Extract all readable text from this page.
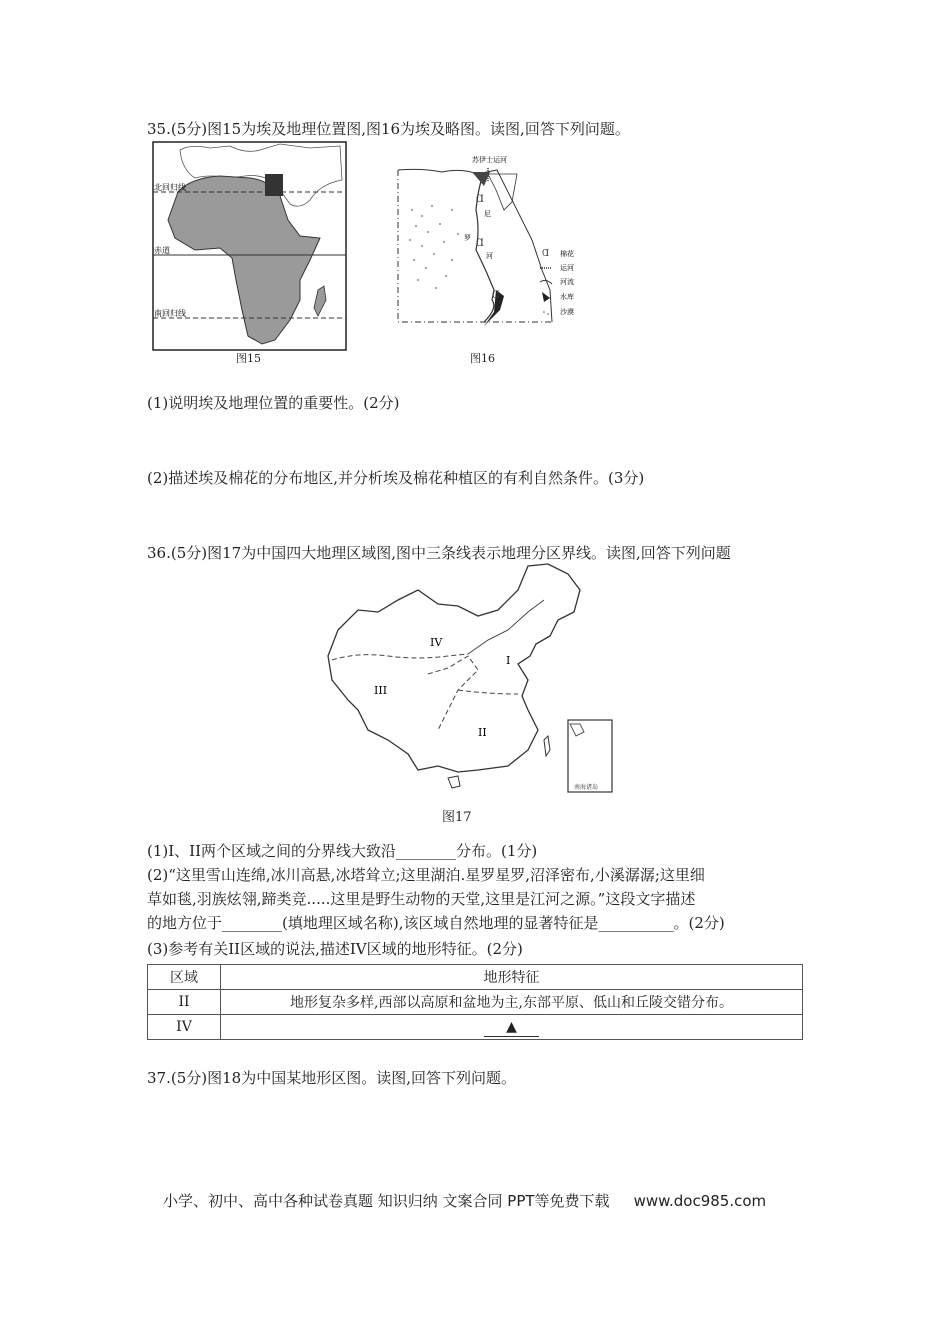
35.(5分)图15为埃及地理位置图,图16为埃及略图。读图,回答下列问题。
北回归线
赤道
南回归线
图15
Ɑ
Ɑ
Ɑ
苏伊士运河
尼
罗
河	Ɑ 棉花
运河
河流
水库
沙漠
图16
(1)说明埃及地理位置的重要性。(2分)
(2)描述埃及棉花的分布地区,并分析埃及棉花种植区的有利自然条件。(3分)
36.(5分)图17为中国四大地理区域图,图中三条线表示地理分区界线。读图,回答下列问题
南海诸岛
IV
I
III
II
图17
(1)I、II两个区域之间的分界线大致沿________分布。(1分)
(2)“这里雪山连绵,冰川高悬,冰塔耸立;这里湖泊.星罗星罗,沼泽密布,小溪潺潺;这里细
草如毯,羽族炫翎,蹄类竞.....这里是野生动物的天堂,这里是江河之源。”这段文字描述
的地方位于________(填地理区域名称),该区域自然地理的显著特征是__________。(2分)
(3)参考有关II区域的说法,描述IV区域的地形特征。(2分)
区域	地形特征
II	地形复杂多样,西部以高原和盆地为主,东部平原、低山和丘陵交错分布。
IV	▲
37.(5分)图18为中国某地形区图。读图,回答下列问题。
小学、初中、高中各种试卷真题 知识归纳 文案合同 PPT等免费下载 www.doc985.com
